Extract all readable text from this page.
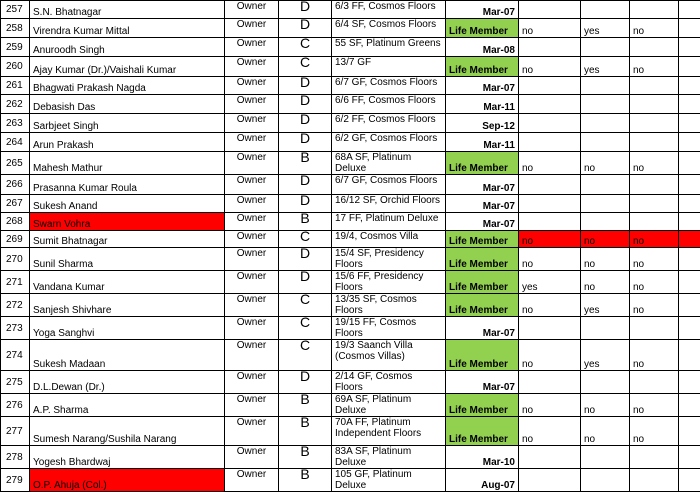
257	S.N. Bhatnagar	Owner	D	6/3 FF, Cosmos Floors	Mar-07				
258	Virendra Kumar Mittal	Owner	D	6/4 SF, Cosmos Floors	Life Member	no	yes	no	
259	Anuroodh Singh	Owner	C	55 SF, Platinum Greens	Mar-08				
260	Ajay Kumar (Dr.)/Vaishali Kumar	Owner	C	13/7 GF	Life Member	no	yes	no	
261	Bhagwati Prakash Nagda	Owner	D	6/7 GF, Cosmos Floors	Mar-07				
262	Debasish Das	Owner	D	6/6 FF, Cosmos Floors	Mar-11				
263	Sarbjeet Singh	Owner	D	6/2 FF, Cosmos Floors	Sep-12				
264	Arun Prakash	Owner	D	6/2 GF, Cosmos Floors	Mar-11				
265	Mahesh Mathur	Owner	B	68A SF, Platinum Deluxe	Life Member	no	no	no	
266	Prasanna Kumar Roula	Owner	D	6/7 GF, Cosmos Floors	Mar-07				
267	Sukesh Anand	Owner	D	16/12 SF, Orchid Floors	Mar-07				
268	Swarn Vohra	Owner	B	17 FF, Platinum Deluxe	Mar-07				
269	Sumit Bhatnagar	Owner	C	19/4, Cosmos Villa	Life Member	no	no	no	
270	Sunil Sharma	Owner	D	15/4 SF, Presidency Floors	Life Member	no	no	no	
271	Vandana Kumar	Owner	D	15/6 FF, Presidency Floors	Life Member	yes	no	no	
272	Sanjesh Shivhare	Owner	C	13/35 SF, Cosmos Floors	Life Member	no	yes	no	
273	Yoga Sanghvi	Owner	C	19/15 FF, Cosmos Floors	Mar-07				
274	Sukesh Madaan	Owner	C	19/3 Saanch Villa (Cosmos Villas)	Life Member	no	yes	no	
275	D.L.Dewan (Dr.)	Owner	D	2/14 GF, Cosmos Floors	Mar-07				
276	A.P. Sharma	Owner	B	69A SF, Platinum Deluxe	Life Member	no	no	no	
277	Sumesh Narang/Sushila Narang	Owner	B	70A FF, Platinum Independent Floors	Life Member	no	no	no	
278	Yogesh Bhardwaj	Owner	B	83A SF, Platinum Deluxe	Mar-10				
279	O.P. Ahuja (Col.)	Owner	B	105 GF, Platinum Deluxe	Aug-07				
